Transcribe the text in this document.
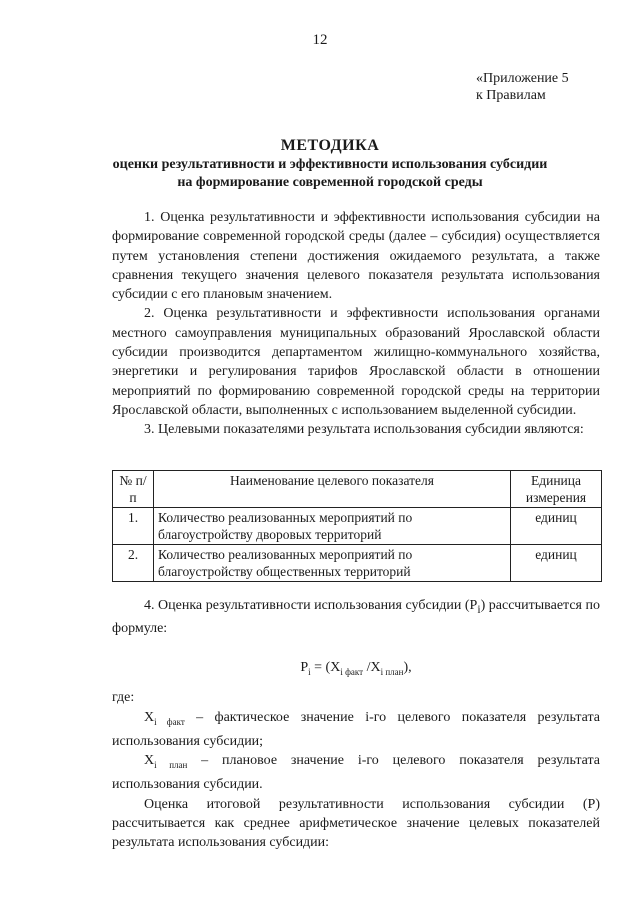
12
«Приложение 5
к Правилам
МЕТОДИКА
оценки результативности и эффективности использования субсидии
на формирование современной городской среды

1. Оценка результативности и эффективности использования субсидии на формирование современной городской среды (далее – субсидия) осуществляется путем установления степени достижения ожидаемого результата, а также сравнения текущего значения целевого показателя результата использования субсидии с его плановым значением.

2. Оценка результативности и эффективности использования органами местного самоуправления муниципальных образований Ярославской области субсидии производится департаментом жилищно-коммунального хозяйства, энергетики и регулирования тарифов Ярославской области в отношении мероприятий по формированию современной городской среды на территории Ярославской области, выполненных с использованием выделенной субсидии.

3. Целевыми показателями результата использования субсидии являются:

№ п/п	Наименование целевого показателя	Единица измерения
1.	Количество реализованных мероприятий по благоустройству дворовых территорий	единиц
2.	Количество реализованных мероприятий по благоустройству общественных территорий	единиц

4. Оценка результативности использования субсидии $(P_i)$ рассчитывается по формуле:

$P_i = (X_{i факт}$ $/X_{i план}$),

где:

$X_{i факт}$ – фактическое значение i-го целевого показателя результата использования субсидии;

$X_{i план}$ – плановое значение i-го целевого показателя результата использования субсидии.

Оценка итоговой результативности использования субсидии (P) рассчитывается как среднее арифметическое значение целевых показателей результата использования субсидии:
